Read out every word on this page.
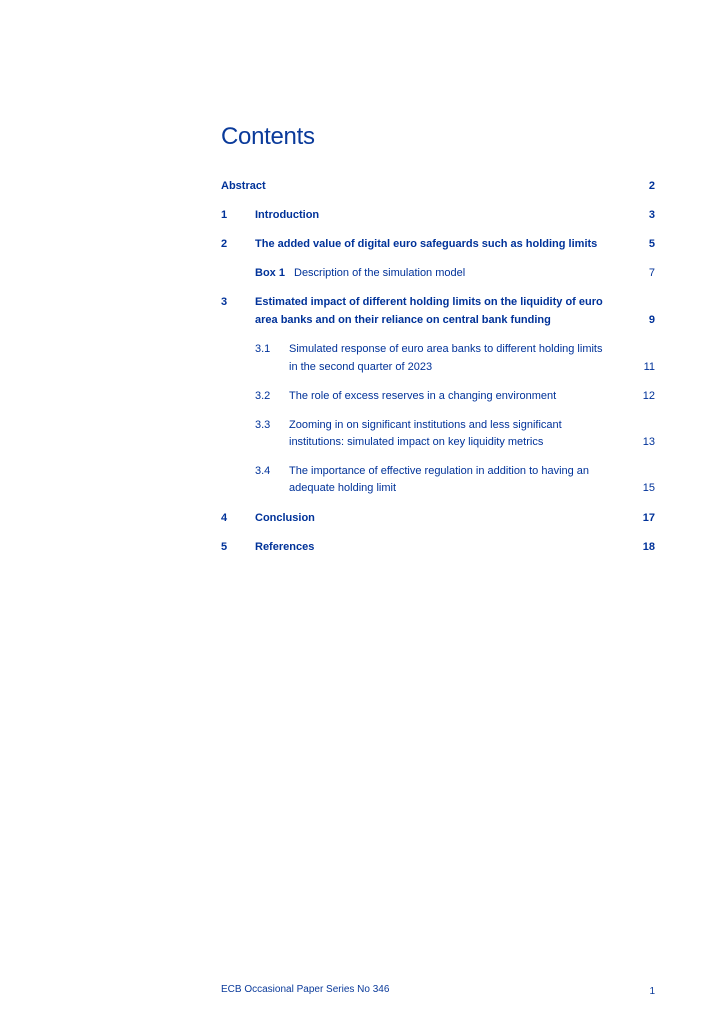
Contents
Abstract	2
1	Introduction	3
2	The added value of digital euro safeguards such as holding limits	5
Box 1 Description of the simulation model	7
3	Estimated impact of different holding limits on the liquidity of euro
area banks and on their reliance on central bank funding	9
3.1 Simulated response of euro area banks to different holding limits
in the second quarter of 2023	11
3.2 The role of excess reserves in a changing environment	12
3.3 Zooming in on significant institutions and less significant
institutions: simulated impact on key liquidity metrics	13
3.4 The importance of effective regulation in addition to having an
adequate holding limit	15
4	Conclusion	17
5	References	18
ECB Occasional Paper Series No 346	1
